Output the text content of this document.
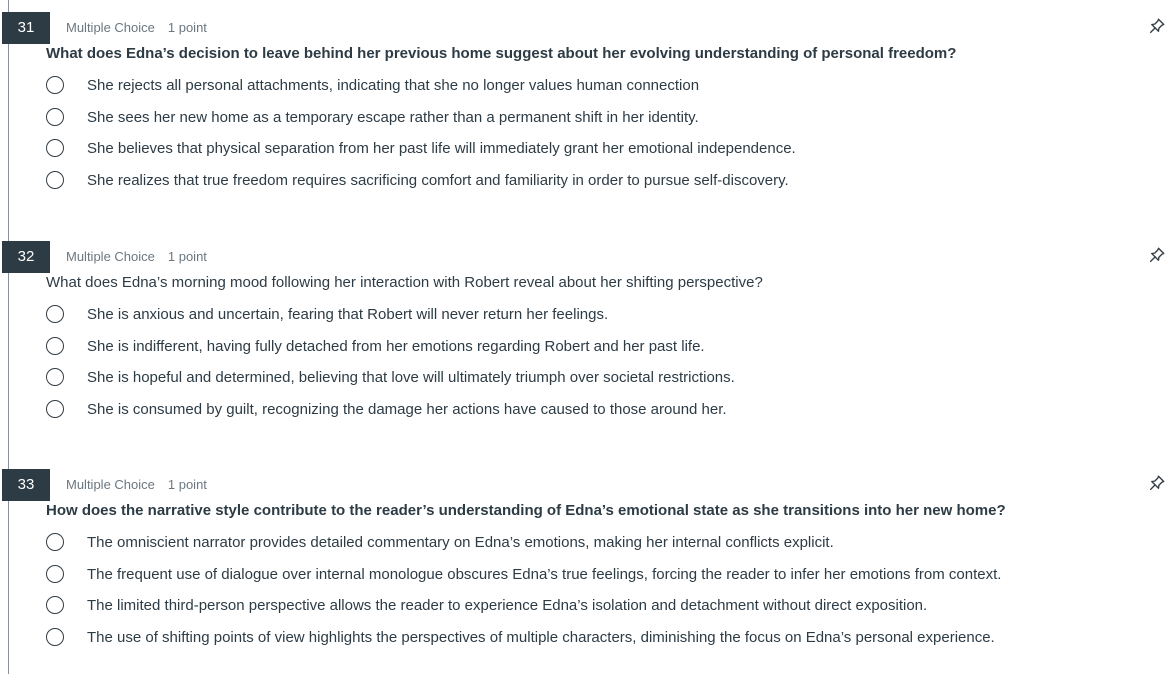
31	Multiple Choice 1 point
What does Edna’s decision to leave behind her previous home suggest about her evolving understanding of personal freedom?
She rejects all personal attachments, indicating that she no longer values human connection
She sees her new home as a temporary escape rather than a permanent shift in her identity.
She believes that physical separation from her past life will immediately grant her emotional independence.
She realizes that true freedom requires sacrificing comfort and familiarity in order to pursue self-discovery.
32	Multiple Choice 1 point
What does Edna’s morning mood following her interaction with Robert reveal about her shifting perspective?
She is anxious and uncertain, fearing that Robert will never return her feelings.
She is indifferent, having fully detached from her emotions regarding Robert and her past life.
She is hopeful and determined, believing that love will ultimately triumph over societal restrictions.
She is consumed by guilt, recognizing the damage her actions have caused to those around her.
33	Multiple Choice 1 point
How does the narrative style contribute to the reader’s understanding of Edna’s emotional state as she transitions into her new home?
The omniscient narrator provides detailed commentary on Edna’s emotions, making her internal conflicts explicit.
The frequent use of dialogue over internal monologue obscures Edna’s true feelings, forcing the reader to infer her emotions from context.
The limited third-person perspective allows the reader to experience Edna’s isolation and detachment without direct exposition.
The use of shifting points of view highlights the perspectives of multiple characters, diminishing the focus on Edna’s personal experience.
